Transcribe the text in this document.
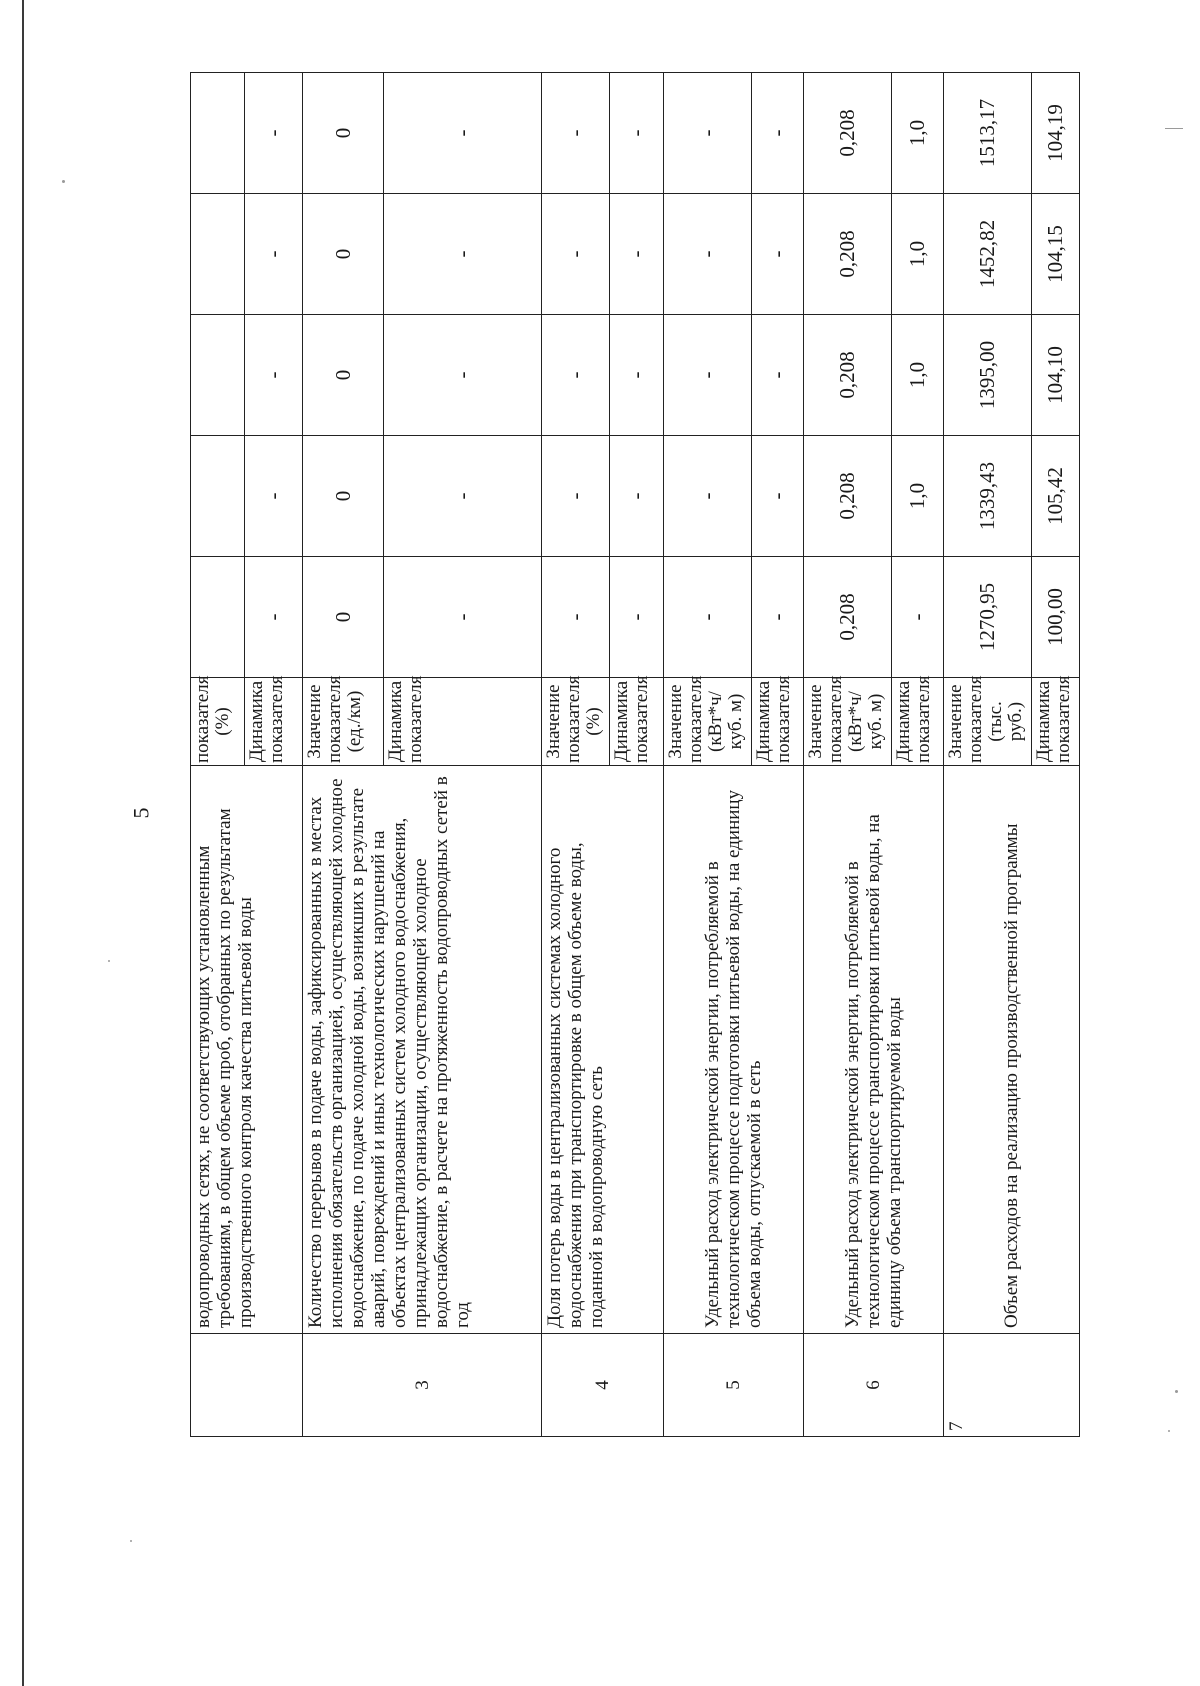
5
	водопроводных сетях, не соответствующих установленным требованиям, в общем объеме проб, отобранных по результатам производственного контроля качества питьевой воды	показателя (%)					
		Динамика показателя	-	-	-	-	-
3	Количество перерывов в подаче воды, зафиксированных в местах исполнения обязательств организацией, осуществляющей холодное водоснабжение, по подаче холодной воды, возникших в результате аварий, повреждений и иных технологических нарушений на объектах централизованных систем холодного водоснабжения, принадлежащих организации, осуществляющей холодное водоснабжение, в расчете на протяженность водопроводных сетей в год	Значение показателя (ед./км)	0	0	0	0	0
		Динамика показателя	-	-	-	-	-
4	Доля потерь воды в централизованных системах холодного водоснабжения при транспортировке в общем объеме воды, поданной в водопроводную сеть	Значение показателя (%)	-	-	-	-	-
		Динамика показателя	-	-	-	-	-
5	Удельный расход электрической энергии, потребляемой в технологическом процессе подготовки питьевой воды, на единицу объема воды, отпускаемой в сеть	Значение показателя (кВт*ч/куб. м)	-	-	-	-	-
		Динамика показателя	-	-	-	-	-
6	Удельный расход электрической энергии, потребляемой в технологическом процессе транспортировки питьевой воды, на единицу объема транспортируемой воды	Значение показателя (кВт*ч/куб. м)	0,208	0,208	0,208	0,208	0,208
		Динамика показателя	-	1,0	1,0	1,0	1,0
7	Объем расходов на реализацию производственной программы	Значение показателя (тыс. руб.)	1270,95	1339,43	1395,00	1452,82	1513,17
		Динамика показателя	100,00	105,42	104,10	104,15	104,19
